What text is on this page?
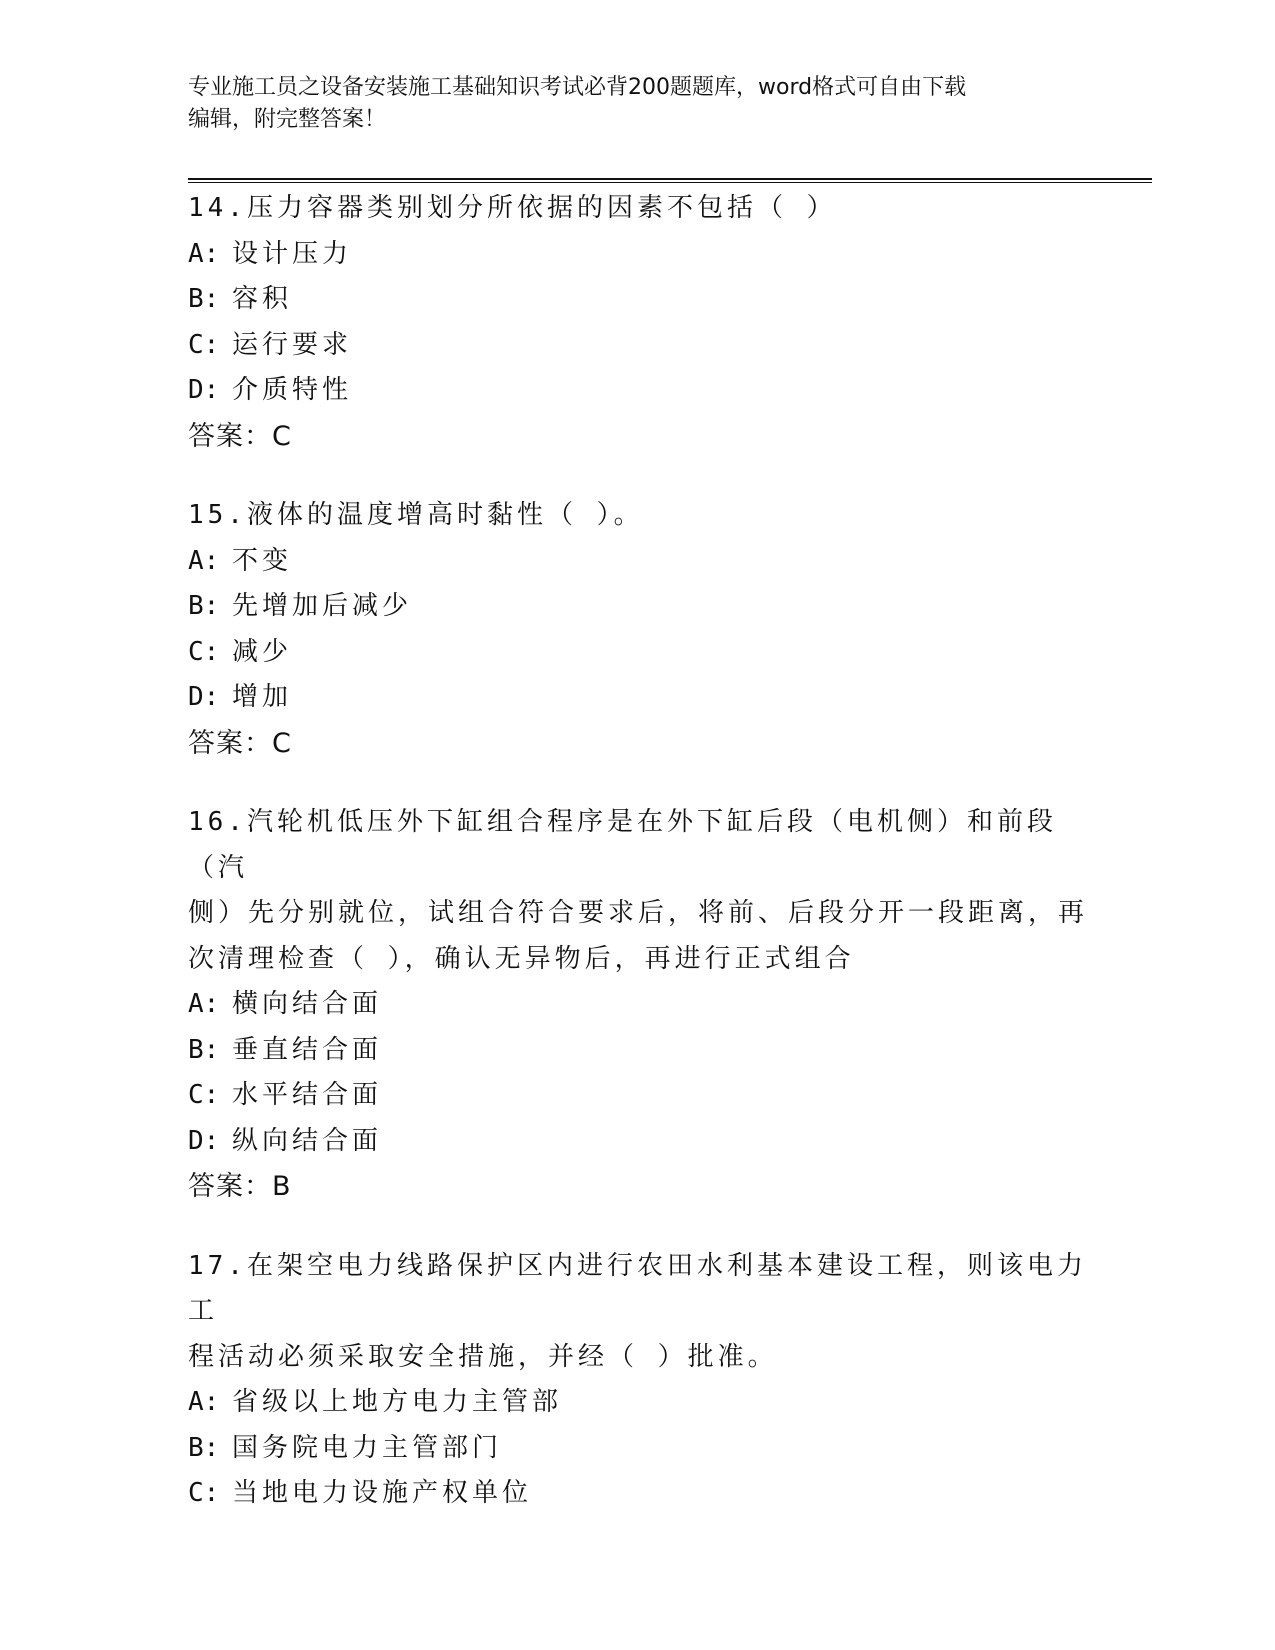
专业施工员之设备安装施工基础知识考试必背200题题库，word格式可自由下载
编辑，附完整答案！
14.压力容器类别划分所依据的因素不包括（ ）
A: 设计压力
B: 容积
C: 运行要求
D: 介质特性
答案：C
15.液体的温度增高时黏性（ ）。
A: 不变
B: 先增加后减少
C: 减少
D: 增加
答案：C
16.汽轮机低压外下缸组合程序是在外下缸后段（电机侧）和前段（汽
侧）先分别就位，试组合符合要求后，将前、后段分开一段距离，再
次清理检查（ ），确认无异物后，再进行正式组合
A: 横向结合面
B: 垂直结合面
C: 水平结合面
D: 纵向结合面
答案：B
17.在架空电力线路保护区内进行农田水利基本建设工程，则该电力工
程活动必须采取安全措施，并经（ ）批准。
A: 省级以上地方电力主管部
B: 国务院电力主管部门
C: 当地电力设施产权单位
